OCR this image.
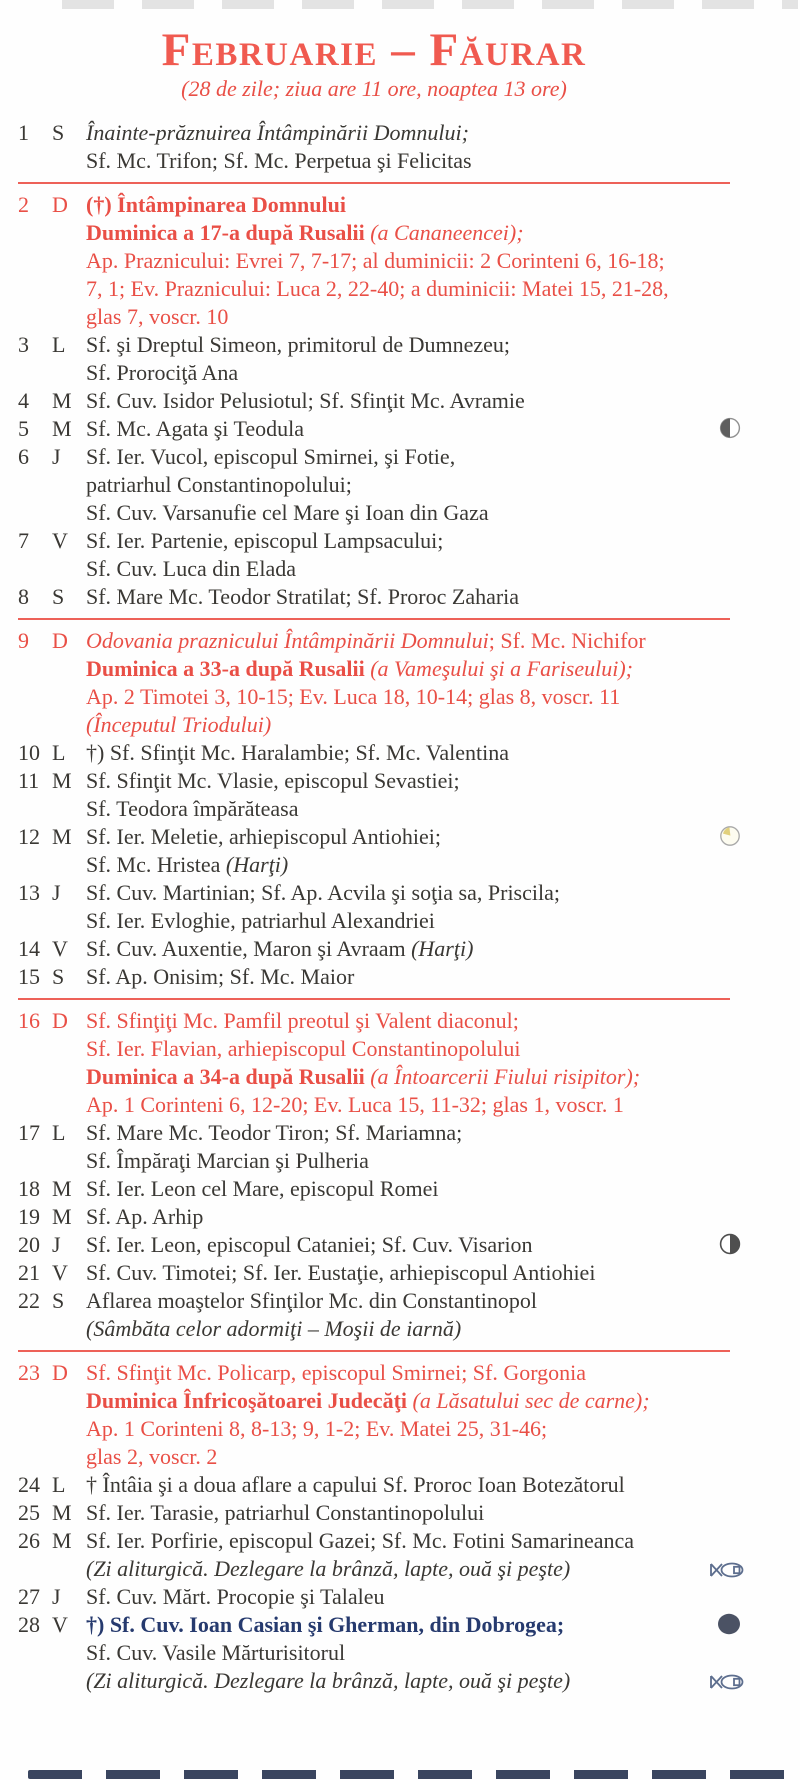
Februarie – Făurar
(28 de zile; ziua are 11 ore, noaptea 13 ore)
1 S Înainte-prăznuirea Întâmpinării Domnului;
Sf. Mc. Trifon; Sf. Mc. Perpetua şi Felicitas
2 D (†) Întâmpinarea Domnului
Duminica a 17-a după Rusalii (a Cananeencei);
Ap. Praznicului: Evrei 7, 7-17; al duminicii: 2 Corinteni 6, 16-18;
7, 1; Ev. Praznicului: Luca 2, 22-40; a duminicii: Matei 15, 21-28,
glas 7, voscr. 10
3 L Sf. şi Dreptul Simeon, primitorul de Dumnezeu;
Sf. Prorociţă Ana
4 M Sf. Cuv. Isidor Pelusiotul; Sf. Sfinţit Mc. Avramie
5 M Sf. Mc. Agata şi Teodula
6 J	Sf. Ier. Vucol, episcopul Smirnei, şi Fotie,
patriarhul Constantinopolului;
Sf. Cuv. Varsanufie cel Mare şi Ioan din Gaza
7 V Sf. Ier. Partenie, episcopul Lampsacului;
Sf. Cuv. Luca din Elada
8 S Sf. Mare Mc. Teodor Stratilat; Sf. Proroc Zaharia
9 D Odovania praznicului Întâmpinării Domnului; Sf. Mc. Nichifor
Duminica a 33-a după Rusalii (a Vameşului şi a Fariseului);
Ap. 2 Timotei 3, 10-15; Ev. Luca 18, 10-14; glas 8, voscr. 11
(Începutul Triodului)
10 L †) Sf. Sfinţit Mc. Haralambie; Sf. Mc. Valentina
11 M Sf. Sfinţit Mc. Vlasie, episcopul Sevastiei;
Sf. Teodora împărăteasa
12 M Sf. Ier. Meletie, arhiepiscopul Antiohiei;
Sf. Mc. Hristea (Harţi)
13 J	Sf. Cuv. Martinian; Sf. Ap. Acvila şi soţia sa, Priscila;
Sf. Ier. Evloghie, patriarhul Alexandriei
14 V Sf. Cuv. Auxentie, Maron şi Avraam (Harţi)
15 S Sf. Ap. Onisim; Sf. Mc. Maior
16 D Sf. Sfinţiţi Mc. Pamfil preotul şi Valent diaconul;
Sf. Ier. Flavian, arhiepiscopul Constantinopolului
Duminica a 34-a după Rusalii (a Întoarcerii Fiului risipitor);
Ap. 1 Corinteni 6, 12-20; Ev. Luca 15, 11-32; glas 1, voscr. 1
17 L Sf. Mare Mc. Teodor Tiron; Sf. Mariamna;
Sf. Împăraţi Marcian şi Pulheria
18 M Sf. Ier. Leon cel Mare, episcopul Romei
19 M Sf. Ap. Arhip
20 J	Sf. Ier. Leon, episcopul Cataniei; Sf. Cuv. Visarion
21 V Sf. Cuv. Timotei; Sf. Ier. Eustaţie, arhiepiscopul Antiohiei
22 S Aflarea moaştelor Sfinţilor Mc. din Constantinopol
(Sâmbăta celor adormiţi – Moşii de iarnă)
23 D Sf. Sfinţit Mc. Policarp, episcopul Smirnei; Sf. Gorgonia
Duminica Înfricoşătoarei Judecăţi (a Lăsatului sec de carne);
Ap. 1 Corinteni 8, 8-13; 9, 1-2; Ev. Matei 25, 31-46;
glas 2, voscr. 2
24 L † Întâia şi a doua aflare a capului Sf. Proroc Ioan Botezătorul
25 M Sf. Ier. Tarasie, patriarhul Constantinopolului
26 M Sf. Ier. Porfirie, episcopul Gazei; Sf. Mc. Fotini Samarineanca
(Zi aliturgică. Dezlegare la brânză, lapte, ouă şi peşte)
27 J	Sf. Cuv. Mărt. Procopie şi Talaleu
28 V †) Sf. Cuv. Ioan Casian şi Gherman, din Dobrogea;
Sf. Cuv. Vasile Mărturisitorul
(Zi aliturgică. Dezlegare la brânză, lapte, ouă şi peşte)
